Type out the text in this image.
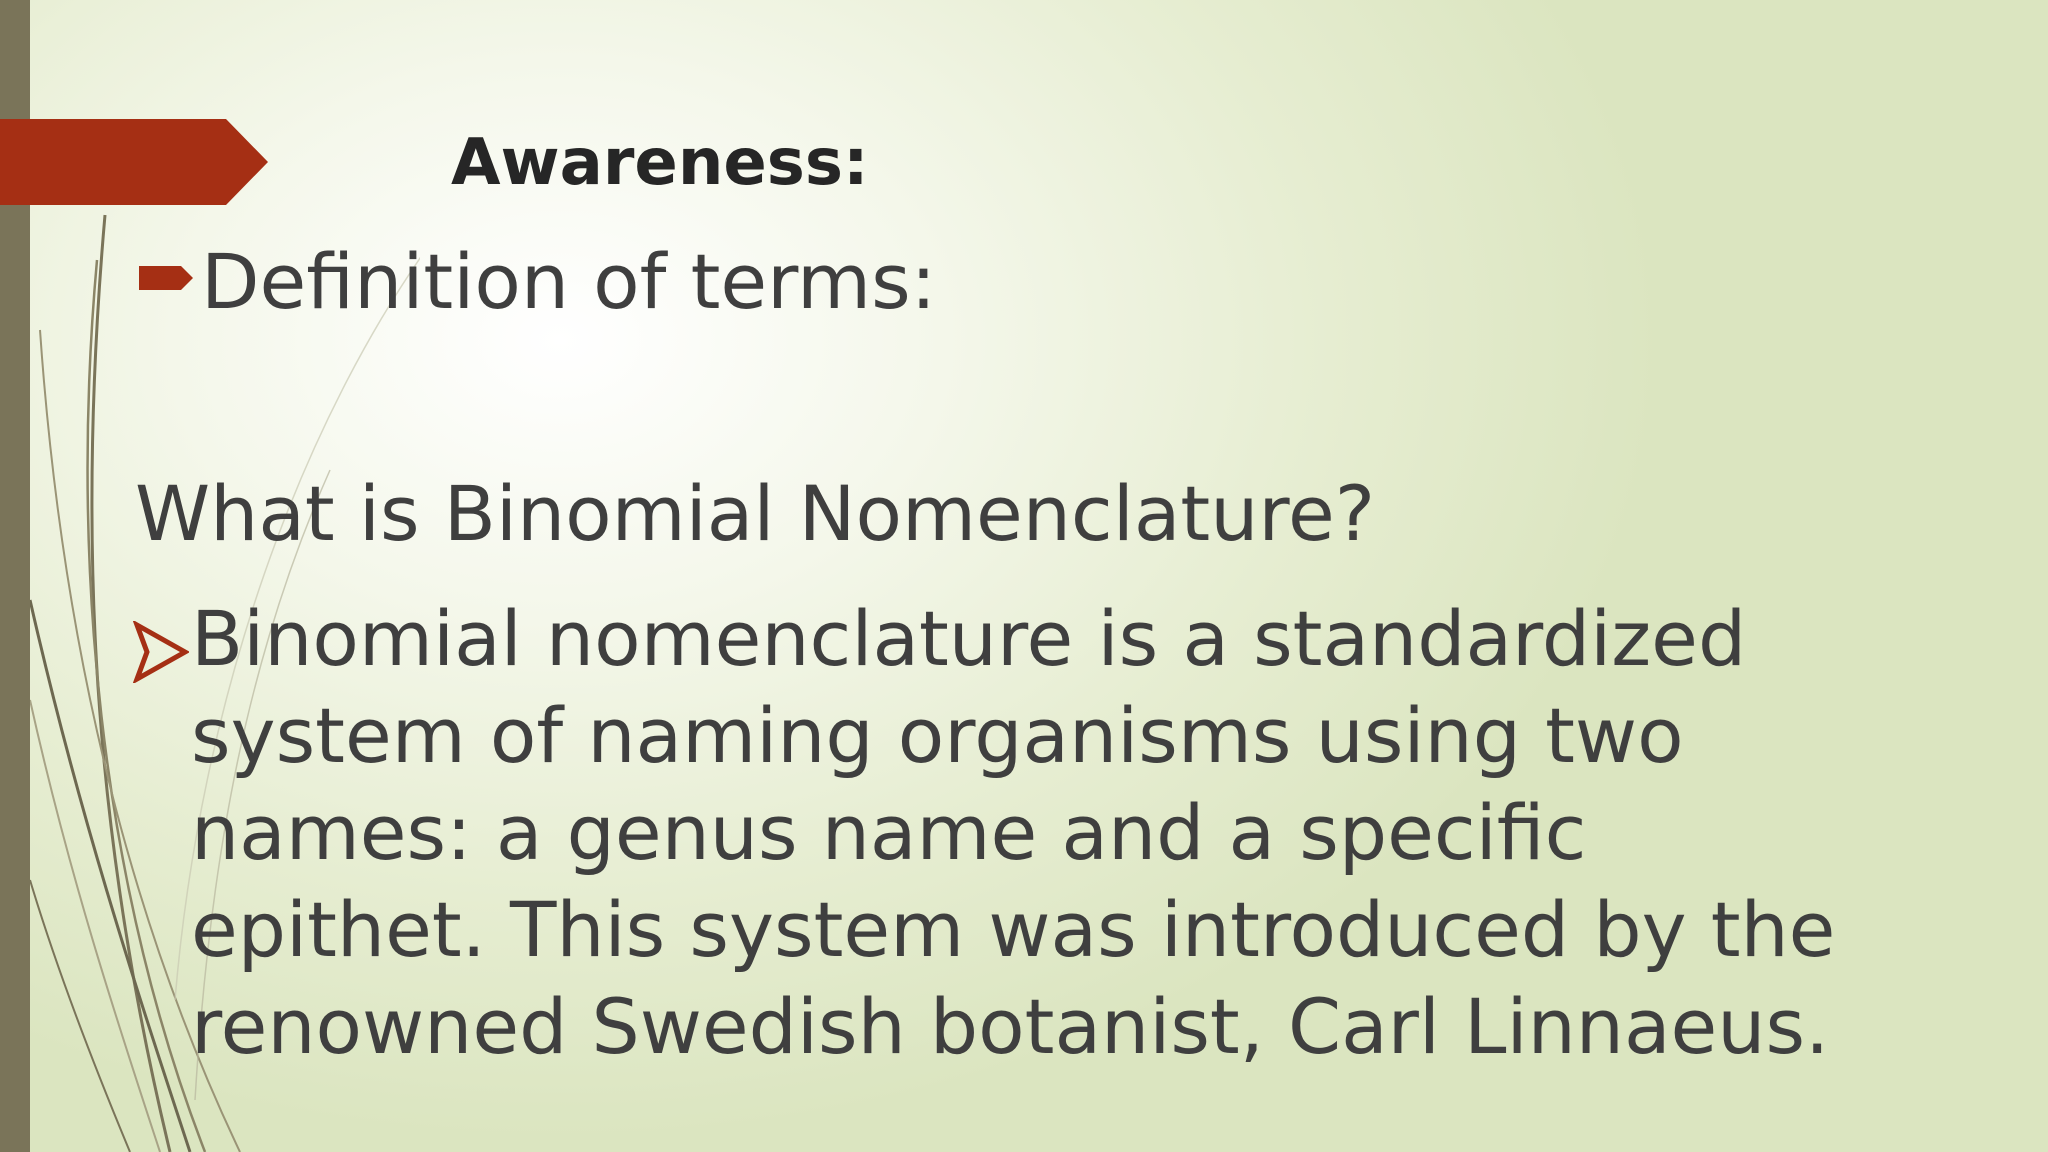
Awareness:
Definition of terms:
What is Binomial Nomenclature?
Binomial nomenclature is a standardized
system of naming organisms using two
names: a genus name and a specific
epithet. This system was introduced by the
renowned Swedish botanist, Carl Linnaeus.
